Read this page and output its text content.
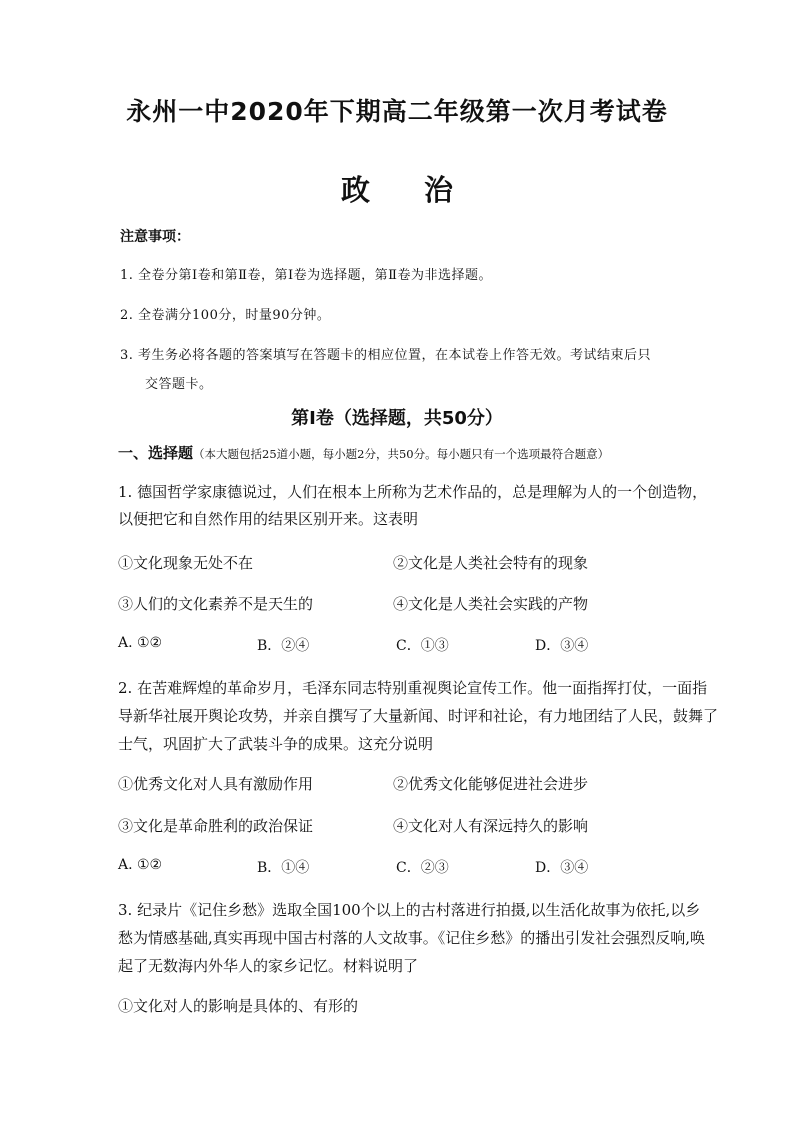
永州一中2020年下期高二年级第一次月考试卷
政 治
注意事项：
1. 全卷分第Ⅰ卷和第Ⅱ卷，第Ⅰ卷为选择题，第Ⅱ卷为非选择题。
2. 全卷满分100分，时量90分钟。
3. 考生务必将各题的答案填写在答题卡的相应位置，在本试卷上作答无效。考试结束后只
交答题卡。
第Ⅰ卷（选择题，共50分）
一、选择题（本大题包括25道小题，每小题2分，共50分。每小题只有一个选项最符合题意）
1. 德国哲学家康德说过，人们在根本上所称为艺术作品的，总是理解为人的一个创造物，
以便把它和自然作用的结果区别开来。这表明
①文化现象无处不在	②文化是人类社会特有的现象
③人们的文化素养不是天生的	④文化是人类社会实践的产物
A. ①②	B．②④	C．①③	D．③④
2. 在苦难辉煌的革命岁月，毛泽东同志特别重视舆论宣传工作。他一面指挥打仗，一面指
导新华社展开舆论攻势，并亲自撰写了大量新闻、时评和社论，有力地团结了人民，鼓舞了
士气，巩固扩大了武装斗争的成果。这充分说明
①优秀文化对人具有激励作用	②优秀文化能够促进社会进步
③文化是革命胜利的政治保证	④文化对人有深远持久的影响
A. ①②	B．①④	C．②③	D．③④
3. 纪录片《记住乡愁》选取全国100个以上的古村落进行拍摄,以生活化故事为依托,以乡
愁为情感基础,真实再现中国古村落的人文故事。《记住乡愁》的播出引发社会强烈反响,唤
起了无数海内外华人的家乡记忆。材料说明了
①文化对人的影响是具体的、有形的
